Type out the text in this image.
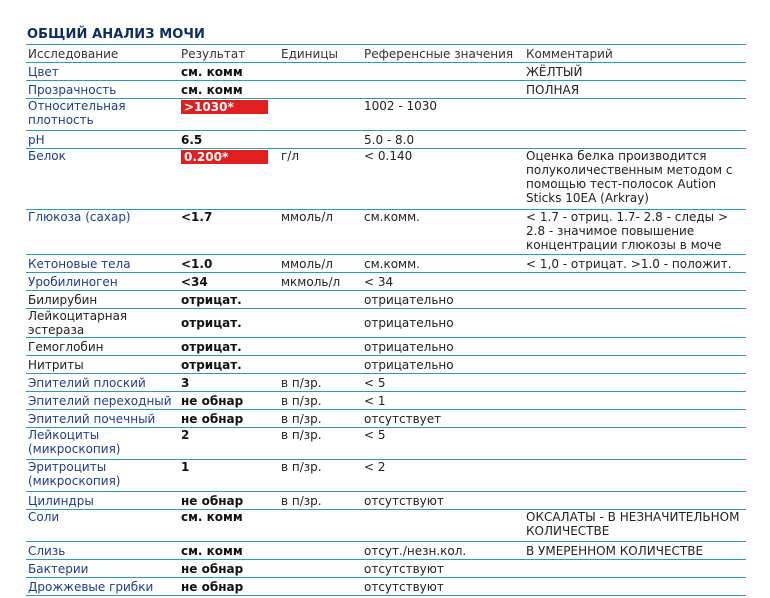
ОБЩИЙ АНАЛИЗ МОЧИ
Исследование	Результат	Единицы	Референсные значения	Комментарий
Цвет	см. комм			ЖЁЛТЫЙ
Прозрачность	см. комм			ПОЛНАЯ
Относительная плотность	>1030*		1002 - 1030	
pH	6.5		5.0 - 8.0	
Белок	0.200*	г/л	< 0.140	Оценка белка производится полуколичественным методом с помощью тест-полосок Aution Sticks 10EA (Arkray)
Глюкоза (сахар)	<1.7	ммоль/л	см.комм.	< 1.7 - отриц. 1.7- 2.8 - следы > 2.8 - значимое повышение концентрации глюкозы в моче
Кетоновые тела	<1.0	ммоль/л	см.комм.	< 1,0 - отрицат. >1.0 - положит.
Уробилиноген	<34	мкмоль/л	< 34	
Билирубин	отрицат.		отрицательно	
Лейкоцитарная эстераза	отрицат.		отрицательно	
Гемоглобин	отрицат.		отрицательно	
Нитриты	отрицат.		отрицательно	
Эпителий плоский	3	в п/зр.	< 5	
Эпителий переходный	не обнар	в п/зр.	< 1	
Эпителий почечный	не обнар	в п/зр.	отсутствует	
Лейкоциты (микроскопия)	2	в п/зр.	< 5	
Эритроциты (микроскопия)	1	в п/зр.	< 2	
Цилиндры	не обнар	в п/зр.	отсутствуют	
Соли	см. комм			ОКСАЛАТЫ - В НЕЗНАЧИТЕЛЬНОМ КОЛИЧЕСТВЕ
Слизь	см. комм		отсут./незн.кол.	В УМЕРЕННОМ КОЛИЧЕСТВЕ
Бактерии	не обнар		отсутствуют	
Дрожжевые грибки	не обнар		отсутствуют	
